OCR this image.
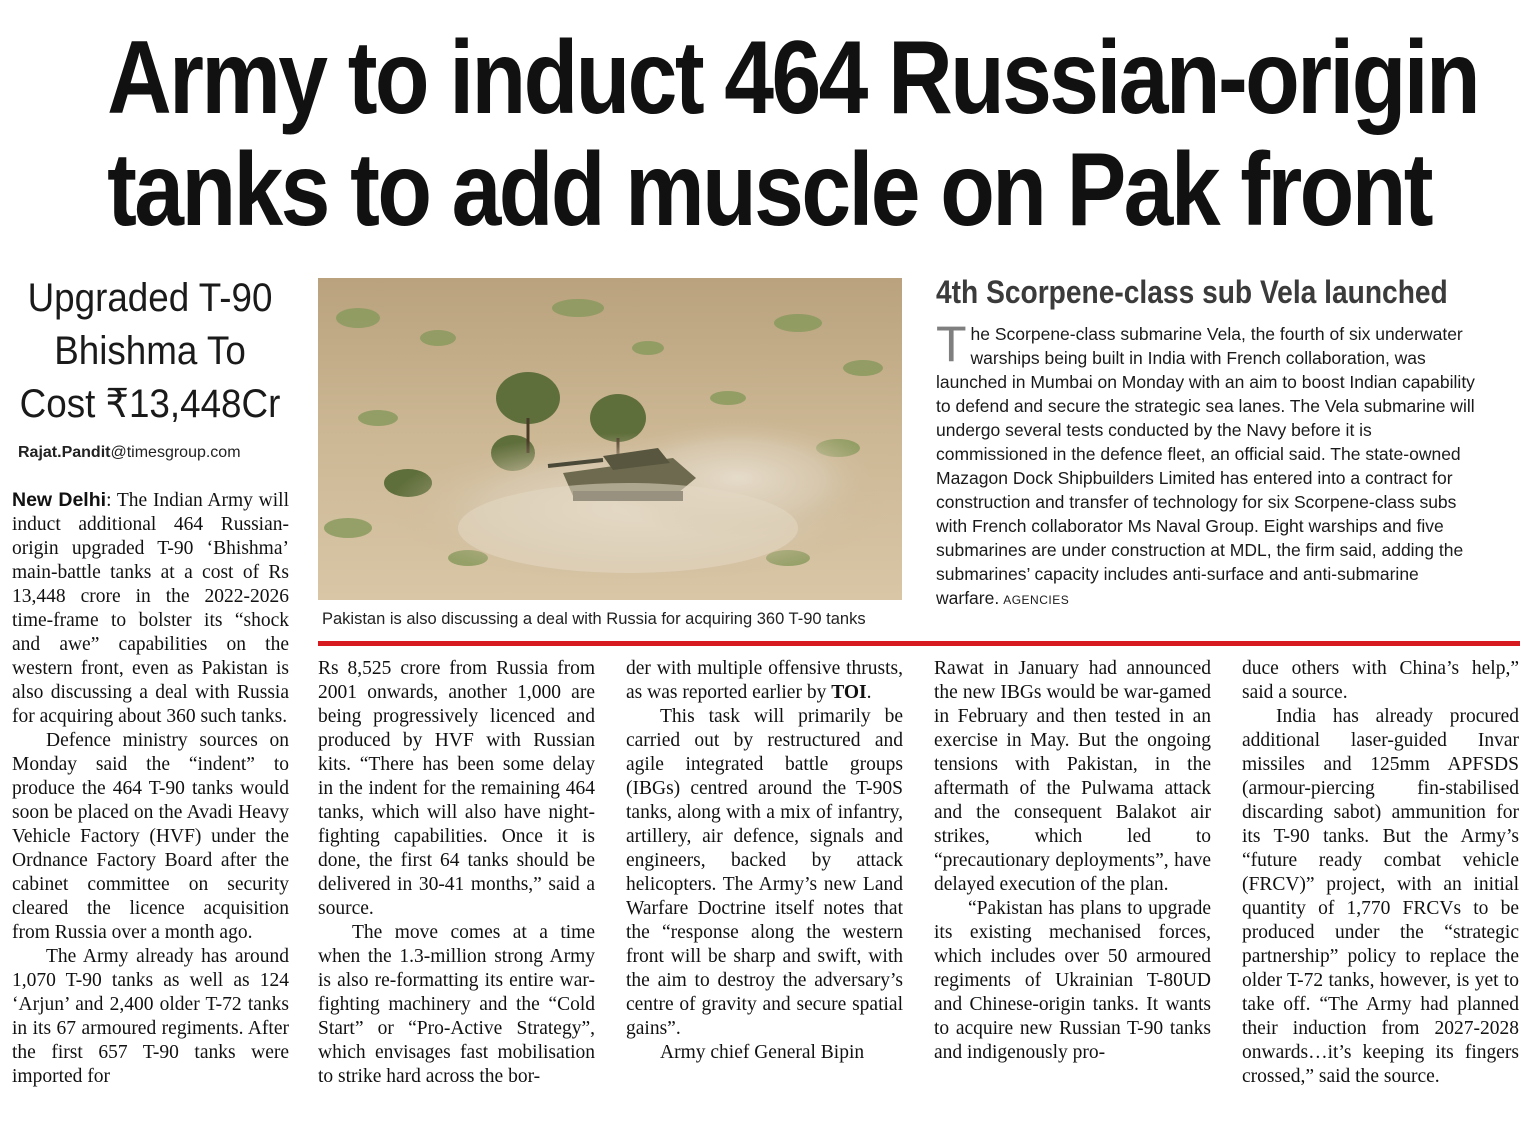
Army to induct 464 Russian-origin
tanks to add muscle on Pak front
Upgraded T-90
Bhishma To
Cost ₹13,448Cr
Rajat.Pandit@timesgroup.com
Pakistan is also discussing a deal with Russia for acquiring 360 T-90 tanks
4th Scorpene-class sub Vela launched
The Scorpene-class submarine Vela, the fourth of six underwater warships being built in India with French collaboration, was launched in Mumbai on Monday with an aim to boost Indian capability to defend and secure the strategic sea lanes. The Vela submarine will undergo several tests conducted by the Navy before it is commissioned in the defence fleet, an official said. The state-owned Mazagon Dock Shipbuilders Limited has entered into a contract for construction and transfer of technology for six Scorpene-class subs with French collaborator Ms Naval Group. Eight warships and five submarines are under construction at MDL, the firm said, adding the submarines’ capacity includes anti-surface and anti-submarine warfare. AGENCIES

New Delhi: The Indian Army will induct additional 464 Russian-origin upgraded T-90 ‘Bhishma’ main-battle tanks at a cost of Rs 13,448 crore in the 2022-2026 time-frame to bolster its “shock and awe” capabilities on the western front, even as Pakistan is also discussing a deal with Russia for acquiring about 360 such tanks.

Defence ministry sources on Monday said the “indent” to produce the 464 T-90 tanks would soon be placed on the Avadi Heavy Vehicle Factory (HVF) under the Ordnance Factory Board after the cabinet committee on security cleared the licence acquisition from Russia over a month ago.

The Army already has around 1,070 T-90 tanks as well as 124 ‘Arjun’ and 2,400 older T-72 tanks in its 67 armoured regiments. After the first 657 T-90 tanks were imported for

Rs 8,525 crore from Russia from 2001 onwards, another 1,000 are being progressively licenced and produced by HVF with Russian kits. “There has been some delay in the indent for the remaining 464 tanks, which will also have night-fighting capabilities. Once it is done, the first 64 tanks should be delivered in 30-41 months,” said a source.

The move comes at a time when the 1.3-million strong Army is also re-formatting its entire war-fighting machinery and the “Cold Start” or “Pro-Active Strategy”, which envisages fast mobilisation to strike hard across the bor-

der with multiple offensive thrusts, as was reported earlier by TOI.

This task will primarily be carried out by restructured and agile integrated battle groups (IBGs) centred around the T-90S tanks, along with a mix of infantry, artillery, air defence, signals and engineers, backed by attack helicopters. The Army’s new Land Warfare Doctrine itself notes that the “response along the western front will be sharp and swift, with the aim to destroy the adversary’s centre of gravity and secure spatial gains”.

Army chief General Bipin

Rawat in January had announced the new IBGs would be war-gamed in February and then tested in an exercise in May. But the ongoing tensions with Pakistan, in the aftermath of the Pulwama attack and the consequent Balakot air strikes, which led to “precautionary deployments”, have delayed execution of the plan.

“Pakistan has plans to upgrade its existing mechanised forces, which includes over 50 armoured regiments of Ukrainian T-80UD and Chinese-origin tanks. It wants to acquire new Russian T-90 tanks and indigenously pro-

duce others with China’s help,” said a source.

India has already procured additional laser-guided Invar missiles and 125mm APFSDS (armour-piercing fin-stabilised discarding sabot) ammunition for its T-90 tanks. But the Army’s “future ready combat vehicle (FRCV)” project, with an initial quantity of 1,770 FRCVs to be produced under the “strategic partnership” policy to replace the older T-72 tanks, however, is yet to take off. “The Army had planned their induction from 2027-2028 onwards…it’s keeping its fingers crossed,” said the source.
